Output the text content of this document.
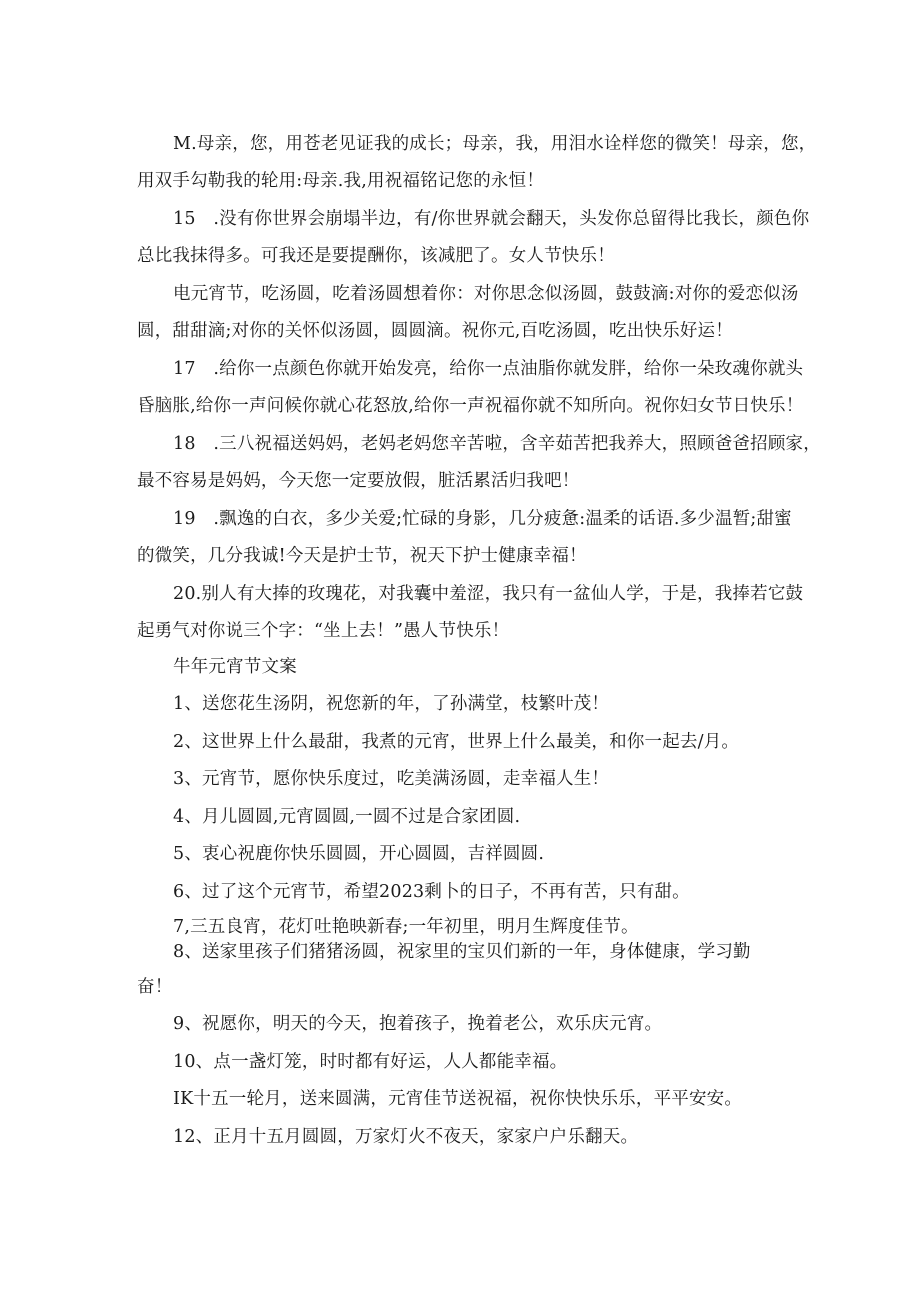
M.母亲，您，用苍老见证我的成长；母亲，我，用泪水诠样您的微笑！母亲，您，
用双手勾勒我的轮用:母亲.我,用祝福铭记您的永恒！
15　.没有你世界会崩塌半边，有/你世界就会翻天，头发你总留得比我长，颜色你
总比我抹得多。可我还是要提酬你，该减肥了。女人节快乐！
电元宵节，吃汤圆，吃着汤圆想着你：对你思念似汤圆，鼓鼓滴:对你的爱恋似汤
圆，甜甜滴;对你的关怀似汤圆，圆圆滴。祝你元,百吃汤圆，吃出快乐好运！
17　.给你一点颜色你就开始发亮，给你一点油脂你就发胖，给你一朵玫魂你就头
昏脑胀,给你一声问候你就心花怒放,给你一声祝福你就不知所向。祝你妇女节日快乐！
18　.三八祝福送妈妈，老妈老妈您辛苦啦，含辛茹苦把我养大，照顾爸爸招顾家，
最不容易是妈妈，今天您一定要放假，脏活累活归我吧！
19　.飘逸的白衣，多少关爱;忙碌的身影，几分疲惫:温柔的话语.多少温暂;甜蜜
的微笑，几分我诚!今天是护士节，祝天下护士健康幸福！
20.别人有大捧的玫瑰花，对我囊中羞涩，我只有一盆仙人学，于是，我捧若它鼓
起勇气对你说三个字：“坐上去！”愚人节快乐！
牛年元宵节文案
1、送您花生汤阴，祝您新的年，了孙满堂，枝繁叶茂！
2、这世界上什么最甜，我煮的元宵，世界上什么最美，和你一起去/月。
3、元宵节，愿你快乐度过，吃美满汤圆，走幸福人生！
4、月儿圆圆,元宵圆圆,一圆不过是合家团圆.
5、衷心祝鹿你快乐圆圆，开心圆圆，吉祥圆圆.
6、过了这个元宵节，希望2023剩卜的日子，不再有苦，只有甜。
7,三五良宵，花灯吐艳映新春;一年初里，明月生辉度佳节。
8、送家里孩子们猪猪汤圆，祝家里的宝贝们新的一年，身体健康，学习勤
奋！
9、祝愿你，明天的今天，抱着孩子，挽着老公，欢乐庆元宵。
10、点一盏灯笼，时时都有好运，人人都能幸福。
IK十五一轮月，送来圆满，元宵佳节送祝福，祝你快快乐乐，平平安安。
12、正月十五月圆圆，万家灯火不夜天，家家户户乐翻天。
